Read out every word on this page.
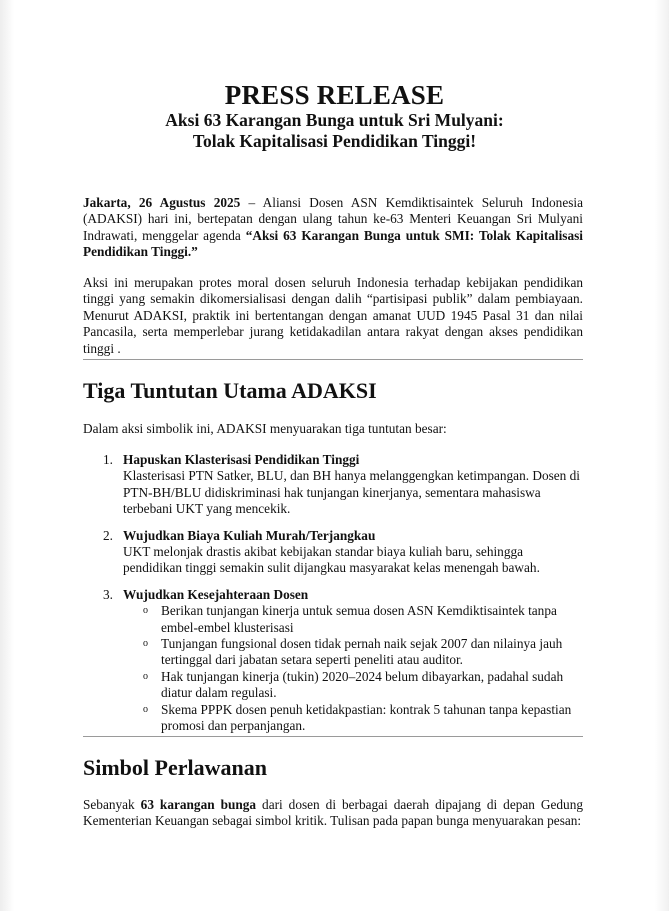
PRESS RELEASE
Aksi 63 Karangan Bunga untuk Sri Mulyani:
Tolak Kapitalisasi Pendidikan Tinggi!

Jakarta, 26 Agustus 2025 – Aliansi Dosen ASN Kemdiktisaintek Seluruh Indonesia (ADAKSI) hari ini, bertepatan dengan ulang tahun ke-63 Menteri Keuangan Sri Mulyani Indrawati, menggelar agenda “Aksi 63 Karangan Bunga untuk SMI: Tolak Kapitalisasi Pendidikan Tinggi.”

Aksi ini merupakan protes moral dosen seluruh Indonesia terhadap kebijakan pendidikan tinggi yang semakin dikomersialisasi dengan dalih “partisipasi publik” dalam pembiayaan. Menurut ADAKSI, praktik ini bertentangan dengan amanat UUD 1945 Pasal 31 dan nilai Pancasila, serta memperlebar jurang ketidakadilan antara rakyat dengan akses pendidikan tinggi .

Tiga Tuntutan Utama ADAKSI

Dalam aksi simbolik ini, ADAKSI menyuarakan tiga tuntutan besar:

1. Hapuskan Klasterisasi Pendidikan Tinggi
Klasterisasi PTN Satker, BLU, dan BH hanya melanggengkan ketimpangan. Dosen di PTN-BH/BLU didiskriminasi hak tunjangan kinerjanya, sementara mahasiswa terbebani UKT yang mencekik.
2. Wujudkan Biaya Kuliah Murah/Terjangkau
UKT melonjak drastis akibat kebijakan standar biaya kuliah baru, sehingga pendidikan tinggi semakin sulit dijangkau masyarakat kelas menengah bawah.
3. Wujudkan Kesejahteraan Dosen
o Berikan tunjangan kinerja untuk semua dosen ASN Kemdiktisaintek tanpa embel-embel klusterisasi
o Tunjangan fungsional dosen tidak pernah naik sejak 2007 dan nilainya jauh tertinggal dari jabatan setara seperti peneliti atau auditor.
o Hak tunjangan kinerja (tukin) 2020–2024 belum dibayarkan, padahal sudah diatur dalam regulasi.
o Skema PPPK dosen penuh ketidakpastian: kontrak 5 tahunan tanpa kepastian promosi dan perpanjangan.
Simbol Perlawanan

Sebanyak 63 karangan bunga dari dosen di berbagai daerah dipajang di depan Gedung Kementerian Keuangan sebagai simbol kritik. Tulisan pada papan bunga menyuarakan pesan:
